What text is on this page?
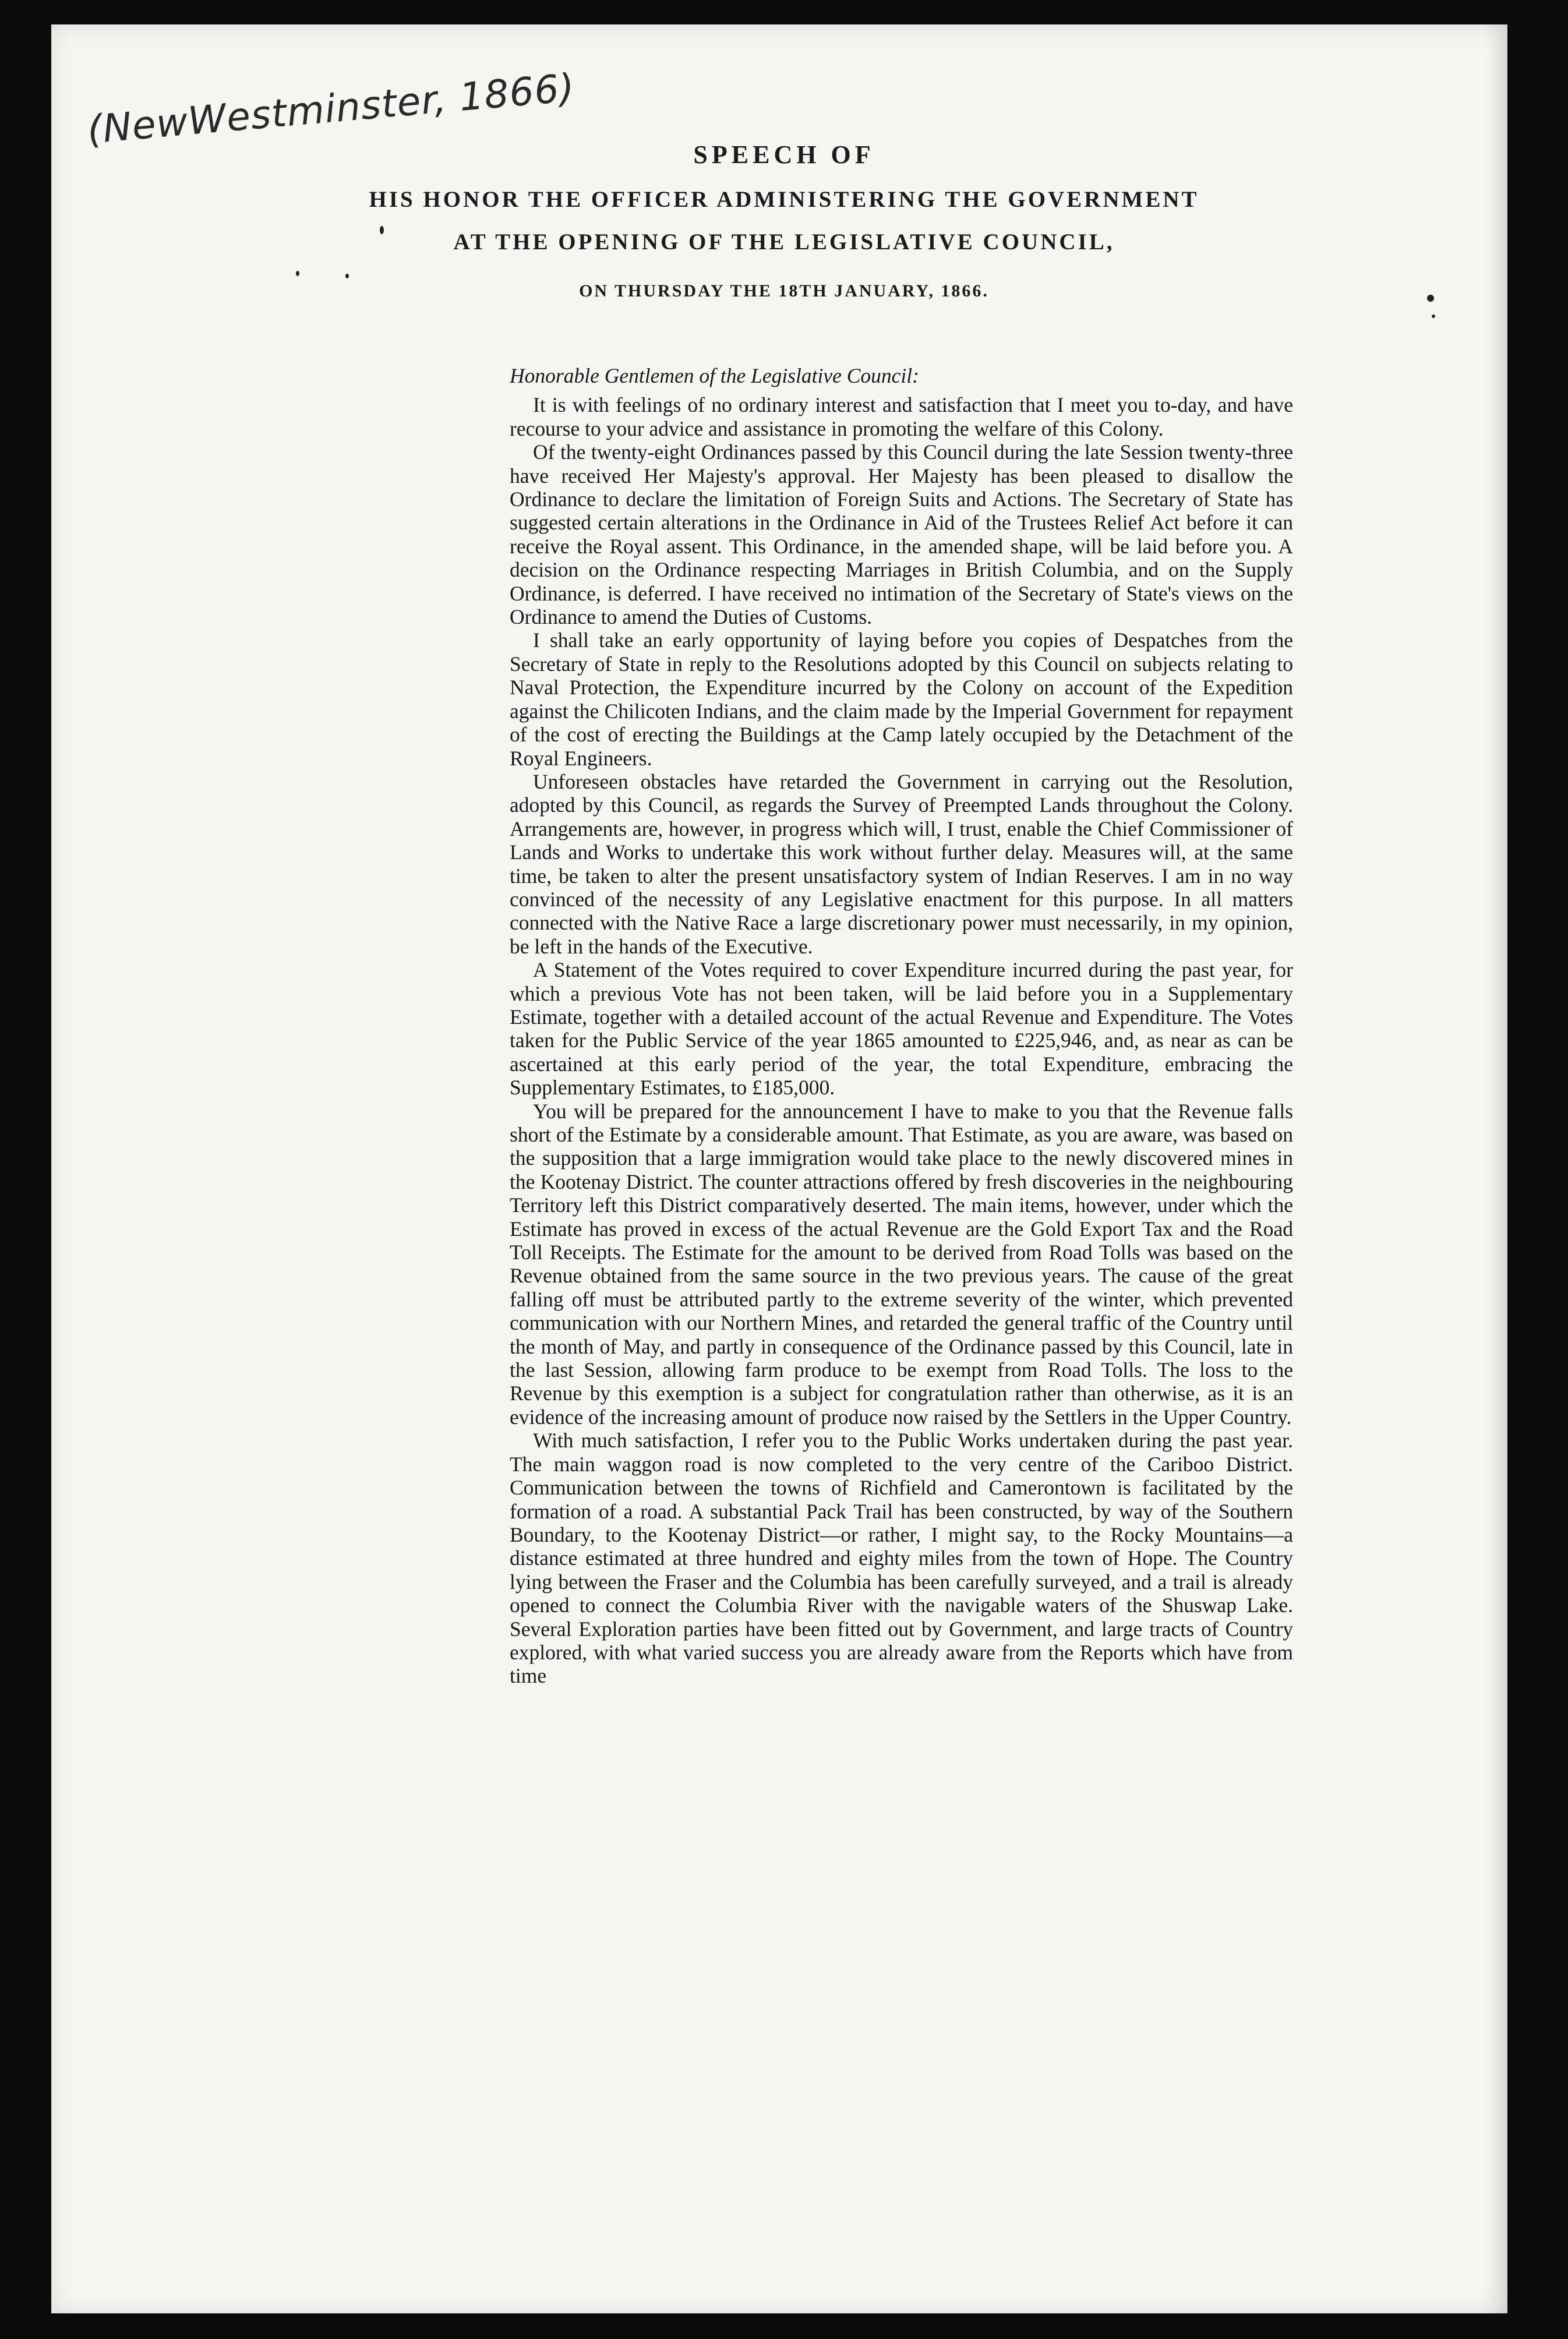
(NewWestminster, 1866)
SPEECH OF
HIS HONOR THE OFFICER ADMINISTERING THE GOVERNMENT
AT THE OPENING OF THE LEGISLATIVE COUNCIL,
ON THURSDAY THE 18TH JANUARY, 1866.

Honorable Gentlemen of the Legislative Council:

It is with feelings of no ordinary interest and satisfaction that I meet you to-day, and have recourse to your advice and assistance in promoting the welfare of this Colony.

Of the twenty-eight Ordinances passed by this Council during the late Session twenty-three have received Her Majesty's approval. Her Majesty has been pleased to disallow the Ordinance to declare the limitation of Foreign Suits and Actions. The Secretary of State has suggested certain alterations in the Ordinance in Aid of the Trustees Relief Act before it can receive the Royal assent. This Ordinance, in the amended shape, will be laid before you. A decision on the Ordinance respecting Marriages in British Columbia, and on the Supply Ordinance, is deferred. I have received no intimation of the Secretary of State's views on the Ordinance to amend the Duties of Customs.

I shall take an early opportunity of laying before you copies of Despatches from the Secretary of State in reply to the Resolutions adopted by this Council on subjects relating to Naval Protection, the Expenditure incurred by the Colony on account of the Expedition against the Chilicoten Indians, and the claim made by the Imperial Government for repayment of the cost of erecting the Buildings at the Camp lately occupied by the Detachment of the Royal Engineers.

Unforeseen obstacles have retarded the Government in carrying out the Resolution, adopted by this Council, as regards the Survey of Preempted Lands throughout the Colony. Arrangements are, however, in progress which will, I trust, enable the Chief Commissioner of Lands and Works to undertake this work without further delay. Measures will, at the same time, be taken to alter the present unsatisfactory system of Indian Reserves. I am in no way convinced of the necessity of any Legislative enactment for this purpose. In all matters connected with the Native Race a large discretionary power must necessarily, in my opinion, be left in the hands of the Executive.

A Statement of the Votes required to cover Expenditure incurred during the past year, for which a previous Vote has not been taken, will be laid before you in a Supplementary Estimate, together with a detailed account of the actual Revenue and Expenditure. The Votes taken for the Public Service of the year 1865 amounted to £225,946, and, as near as can be ascertained at this early period of the year, the total Expenditure, embracing the Supplementary Estimates, to £185,000.

You will be prepared for the announcement I have to make to you that the Revenue falls short of the Estimate by a considerable amount. That Estimate, as you are aware, was based on the supposition that a large immigration would take place to the newly discovered mines in the Kootenay District. The counter attractions offered by fresh discoveries in the neighbouring Territory left this District comparatively deserted. The main items, however, under which the Estimate has proved in excess of the actual Revenue are the Gold Export Tax and the Road Toll Receipts. The Estimate for the amount to be derived from Road Tolls was based on the Revenue obtained from the same source in the two previous years. The cause of the great falling off must be attributed partly to the extreme severity of the winter, which prevented communication with our Northern Mines, and retarded the general traffic of the Country until the month of May, and partly in consequence of the Ordinance passed by this Council, late in the last Session, allowing farm produce to be exempt from Road Tolls. The loss to the Revenue by this exemption is a subject for congratulation rather than otherwise, as it is an evidence of the increasing amount of produce now raised by the Settlers in the Upper Country.

With much satisfaction, I refer you to the Public Works undertaken during the past year. The main waggon road is now completed to the very centre of the Cariboo District. Communication between the towns of Richfield and Camerontown is facilitated by the formation of a road. A substantial Pack Trail has been constructed, by way of the Southern Boundary, to the Kootenay District—or rather, I might say, to the Rocky Mountains—a distance estimated at three hundred and eighty miles from the town of Hope. The Country lying between the Fraser and the Columbia has been carefully surveyed, and a trail is already opened to connect the Columbia River with the navigable waters of the Shuswap Lake. Several Exploration parties have been fitted out by Government, and large tracts of Country explored, with what varied success you are already aware from the Reports which have from time
